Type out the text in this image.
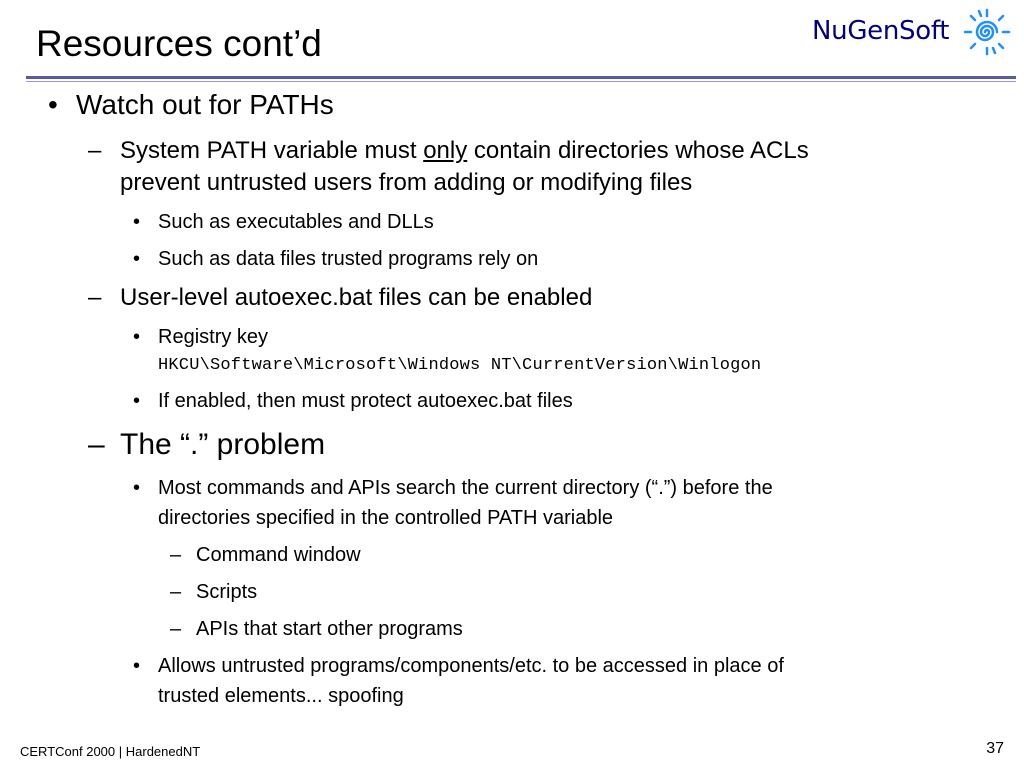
Resources cont’d	NuGenSoft
• Watch out for PATHs
– System PATH variable must only contain directories whose ACLs
prevent untrusted users from adding or modifying files
• Such as executables and DLLs
• Such as data files trusted programs rely on
– User-level autoexec.bat files can be enabled
• Registry key
HKCU\Software\Microsoft\Windows NT\CurrentVersion\Winlogon
• If enabled, then must protect autoexec.bat files
– The “.” problem
• Most commands and APIs search the current directory (“.”) before the
directories specified in the controlled PATH variable
– Command window
– Scripts
– APIs that start other programs
• Allows untrusted programs/components/etc. to be accessed in place of
trusted elements... spoofing
CERTConf 2000 | HardenedNT	37
